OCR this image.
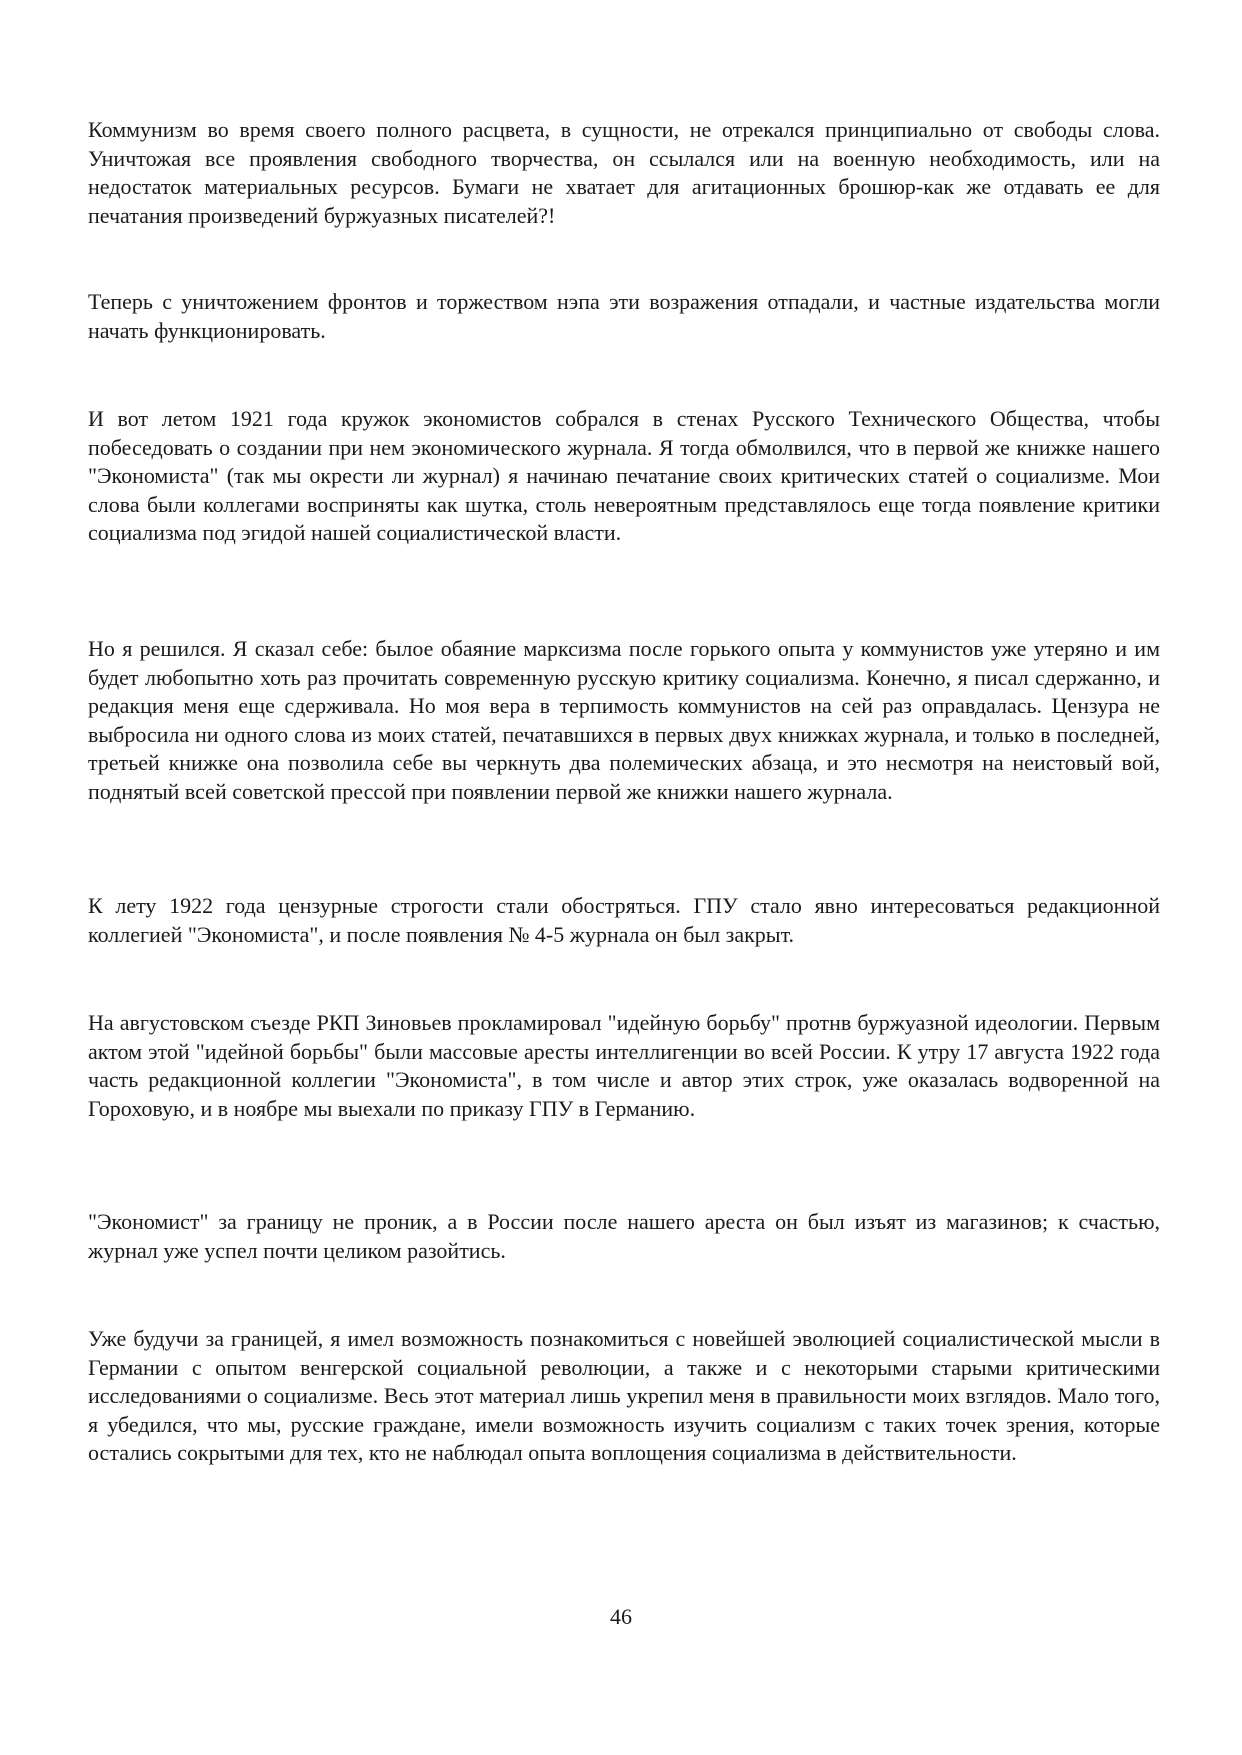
Коммунизм во время своего полного расцвета, в сущности, не отрекался принципиально от свободы слова. Уничтожая все проявления свободного творчества, он ссылался или на военную необходимость, или на недостаток материальных ресурсов. Бумаги не хватает для агитационных брошюр-как же отдавать ее для печатания произведений буржуазных писателей?!

Теперь с уничтожением фронтов и торжеством нэпа эти возражения отпадали, и частные издательства могли начать функционировать.

И вот летом 1921 года кружок экономистов собрался в стенах Русского Технического Общества, чтобы побеседовать о создании при нем экономического журнала. Я тогда обмолвился, что в первой же книжке нашего "Экономиста" (так мы окрести ли журнал) я начинаю печатание своих критических статей о социализме. Мои слова были коллегами восприняты как шутка, столь невероятным представлялось еще тогда появление критики социализма под эгидой нашей социалистической власти.

Но я решился. Я сказал себе: былое обаяние марксизма после горького опыта у коммунистов уже утеряно и им будет любопытно хоть раз прочитать современную русскую критику социализма. Конечно, я писал сдержанно, и редакция меня еще сдерживала. Но моя вера в терпимость коммунистов на сей раз оправдалась. Цензура не выбросила ни одного слова из моих статей, печатавшихся в первых двух книжках журнала, и только в последней, третьей книжке она позволила себе вы черкнуть два полемических абзаца, и это несмотря на неистовый вой, поднятый всей советской прессой при появлении первой же книжки нашего журнала.

К лету 1922 года цензурные строгости стали обостряться. ГПУ стало явно интересоваться редакционной коллегией "Экономиста", и после появления № 4-5 журнала он был закрыт.

На августовском съезде РКП Зиновьев прокламировал "идейную борьбу" протнв буржуазной идеологии. Первым актом этой "идейной борьбы" были массовые аресты интеллигенции во всей России. К утру 17 августа 1922 года часть редакционной коллегии "Экономиста", в том числе и автор этих строк, уже оказалась водворенной на Гороховую, и в ноябре мы выехали по приказу ГПУ в Германию.

"Экономист" за границу не проник, а в России после нашего ареста он был изъят из магазинов; к счастью, журнал уже успел почти целиком разойтись.

Уже будучи за границей, я имел возможность познакомиться с новейшей эволюцией социалистической мысли в Германии с опытом венгерской социальной революции, а также и с некоторыми старыми критическими исследованиями о социализме. Весь этот материал лишь укрепил меня в правильности моих взглядов. Мало того, я убедился, что мы, русские граждане, имели возможность изучить социализм с таких точек зрения, которые остались сокрытыми для тех, кто не наблюдал опыта воплощения социализма в действительности.

46
